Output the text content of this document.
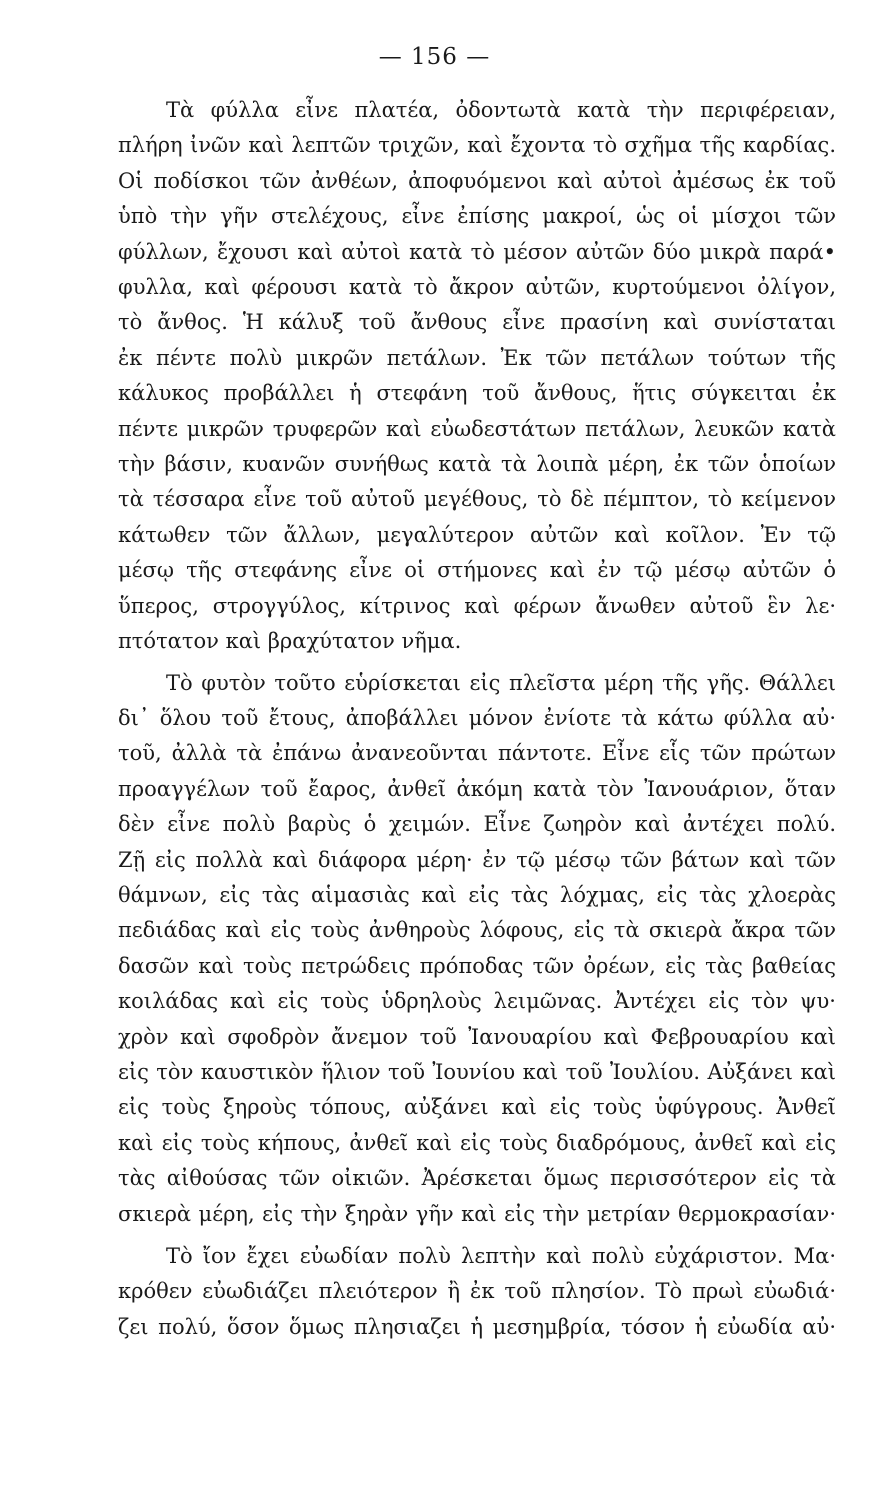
— 156 —
Τὰ φύλλα εἶνε πλατέα, ὀδοντωτὰ κατὰ τὴν περιφέρειαν,
πλήρη ἰνῶν καὶ λεπτῶν τριχῶν, καὶ ἔχοντα τὸ σχῆμα τῆς καρδίας.
Οἱ ποδίσκοι τῶν ἀνθέων, ἀποφυόμενοι καὶ αὐτοὶ ἀμέσως ἐκ τοῦ
ὑπὸ τὴν γῆν στελέχους, εἶνε ἐπίσης μακροί, ὡς οἱ μίσχοι τῶν
φύλλων, ἔχουσι καὶ αὐτοὶ κατὰ τὸ μέσον αὐτῶν δύο μικρὰ παρά•
φυλλα, καὶ φέρουσι κατὰ τὸ ἄκρον αὐτῶν, κυρτούμενοι ὀλίγον,
τὸ ἄνθος. Ἡ κάλυξ τοῦ ἄνθους εἶνε πρασίνη καὶ συνίσταται
ἐκ πέντε πολὺ μικρῶν πετάλων. Ἐκ τῶν πετάλων τούτων τῆς
κάλυκος προβάλλει ἡ στεφάνη τοῦ ἄνθους, ἥτις σύγκειται ἐκ
πέντε μικρῶν τρυφερῶν καὶ εὐωδεστάτων πετάλων, λευκῶν κατὰ
τὴν βάσιν, κυανῶν συνήθως κατὰ τὰ λοιπὰ μέρη, ἐκ τῶν ὁποίων
τὰ τέσσαρα εἶνε τοῦ αὐτοῦ μεγέθους, τὸ δὲ πέμπτον, τὸ κείμενον
κάτωθεν τῶν ἄλλων, μεγαλύτερον αὐτῶν καὶ κοῖλον. Ἐν τῷ
μέσῳ τῆς στεφάνης εἶνε οἱ στήμονες καὶ ἐν τῷ μέσῳ αὐτῶν ὁ
ὕπερος, στρογγύλος, κίτρινος καὶ φέρων ἄνωθεν αὐτοῦ ἓν λε·
πτότατον καὶ βραχύτατον νῆμα.
Τὸ φυτὸν τοῦτο εὑρίσκεται εἰς πλεῖστα μέρη τῆς γῆς. Θάλλει
δι᾿ ὅλου τοῦ ἔτους, ἀποβάλλει μόνον ἐνίοτε τὰ κάτω φύλλα αὐ·
τοῦ, ἀλλὰ τὰ ἐπάνω ἀνανεοῦνται πάντοτε. Εἶνε εἷς τῶν πρώτων
προαγγέλων τοῦ ἔαρος, ἀνθεῖ ἀκόμη κατὰ τὸν Ἰανουάριον, ὅταν
δὲν εἶνε πολὺ βαρὺς ὁ χειμών. Εἶνε ζωηρὸν καὶ ἀντέχει πολύ.
Ζῇ εἰς πολλὰ καὶ διάφορα μέρη· ἐν τῷ μέσῳ τῶν βάτων καὶ τῶν
θάμνων, εἰς τὰς αἱμασιὰς καὶ εἰς τὰς λόχμας, εἰς τὰς χλοερὰς
πεδιάδας καὶ εἰς τοὺς ἀνθηροὺς λόφους, εἰς τὰ σκιερὰ ἄκρα τῶν
δασῶν καὶ τοὺς πετρώδεις πρόποδας τῶν ὀρέων, εἰς τὰς βαθείας
κοιλάδας καὶ εἰς τοὺς ὑδρηλοὺς λειμῶνας. Ἀντέχει εἰς τὸν ψυ·
χρὸν καὶ σφοδρὸν ἄνεμον τοῦ Ἰανουαρίου καὶ Φεβρουαρίου καὶ
εἰς τὸν καυστικὸν ἥλιον τοῦ Ἰουνίου καὶ τοῦ Ἰουλίου. Αὐξάνει καὶ
εἰς τοὺς ξηροὺς τόπους, αὐξάνει καὶ εἰς τοὺς ὑφύγρους. Ἀνθεῖ
καὶ εἰς τοὺς κήπους, ἀνθεῖ καὶ εἰς τοὺς διαδρόμους, ἀνθεῖ καὶ εἰς
τὰς αἰθούσας τῶν οἰκιῶν. Ἀρέσκεται ὅμως περισσότερον εἰς τὰ
σκιερὰ μέρη, εἰς τὴν ξηρὰν γῆν καὶ εἰς τὴν μετρίαν θερμοκρασίαν·
Τὸ ἴον ἔχει εὐωδίαν πολὺ λεπτὴν καὶ πολὺ εὐχάριστον. Μα·
κρόθεν εὐωδιάζει πλειότερον ἢ ἐκ τοῦ πλησίον. Τὸ πρωὶ εὐωδιά·
ζει πολύ, ὅσον ὅμως πλησιαζει ἡ μεσημβρία, τόσον ἡ εὐωδία αὐ·
